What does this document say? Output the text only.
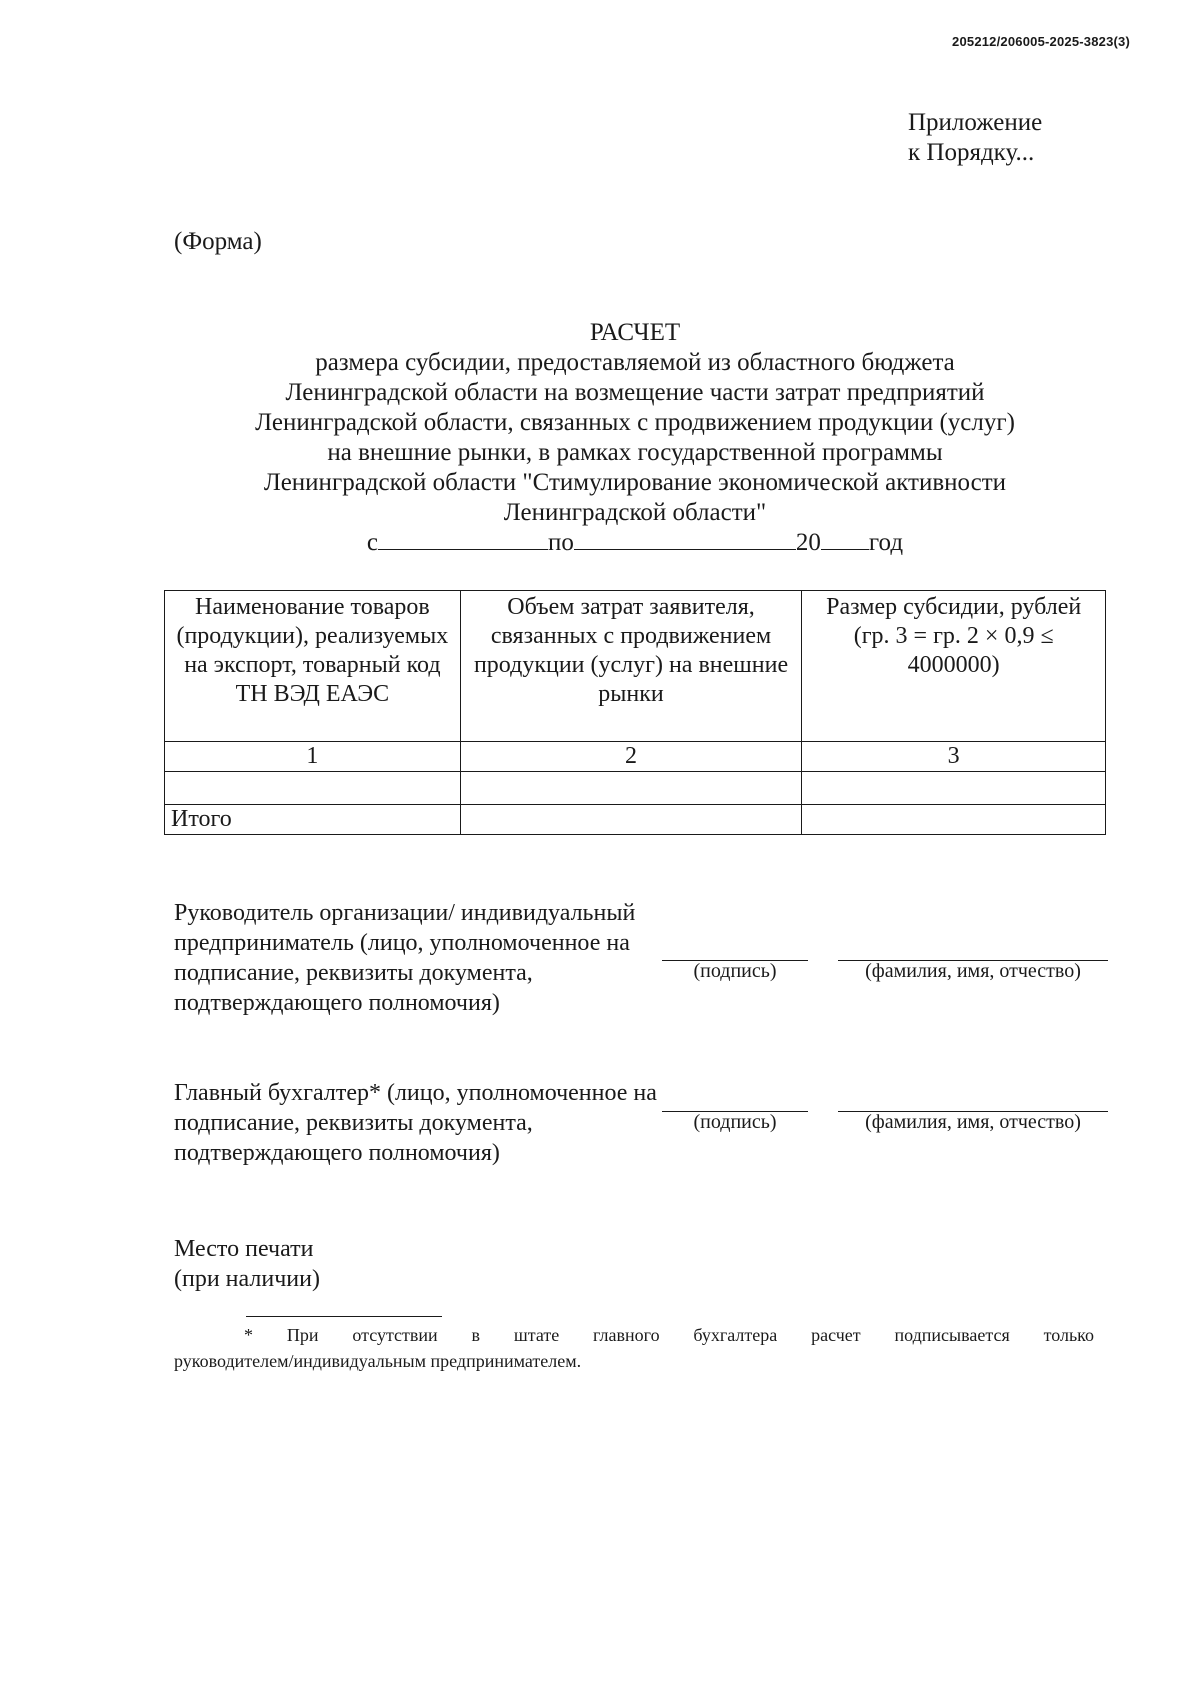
205212/206005-2025-3823(3)
Приложение
к Порядку...
(Форма)
РАСЧЕТ
размера субсидии, предоставляемой из областного бюджета
Ленинградской области на возмещение части затрат предприятий
Ленинградской области, связанных с продвижением продукции (услуг)
на внешние рынки, в рамках государственной программы
Ленинградской области "Стимулирование экономической активности
Ленинградской области"
с	по	20 год
Наименование товаров (продукции), реализуемых на экспорт, товарный код ТН ВЭД ЕАЭС	Объем затрат заявителя, связанных с продвижением продукции (услуг) на внешние рынки	Размер субсидии, рублей (гр. 3 = гр. 2 × 0,9 ≤ 4000000)
1	2	3

Итого		
Руководитель организации/ индивидуальный предприниматель (лицо, уполномоченное на подписание, реквизиты документа, подтверждающего полномочия)
(подпись)	(фамилия, имя, отчество)
Главный бухгалтер* (лицо, уполномоченное на подписание, реквизиты документа, подтверждающего полномочия)
(подпись)	(фамилия, имя, отчество)
Место печати
(при наличии)
* При отсутствии в штате главного бухгалтера расчет подписывается только
руководителем/индивидуальным предпринимателем.
